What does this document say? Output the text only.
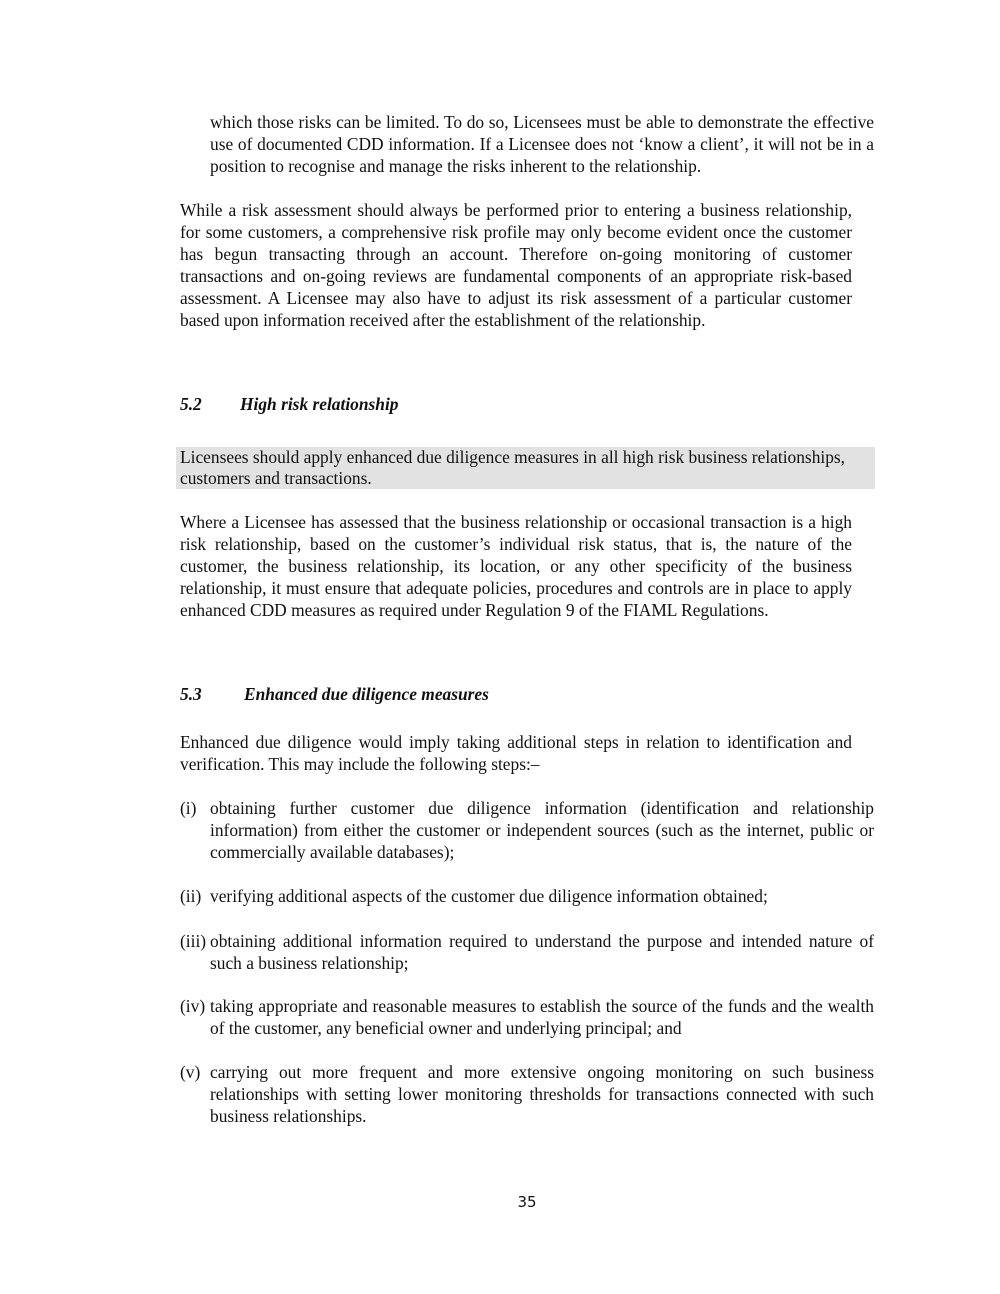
which those risks can be limited. To do so, Licensees must be able to demonstrate the effective use of documented CDD information. If a Licensee does not ‘know a client’, it will not be in a position to recognise and manage the risks inherent to the relationship.

While a risk assessment should always be performed prior to entering a business relationship, for some customers, a comprehensive risk profile may only become evident once the customer has begun transacting through an account. Therefore on-going monitoring of customer transactions and on-going reviews are fundamental components of an appropriate risk-based assessment. A Licensee may also have to adjust its risk assessment of a particular customer based upon information received after the establishment of the relationship.

5.2 High risk relationship

Licensees should apply enhanced due diligence measures in all high risk business relationships, customers and transactions.

Where a Licensee has assessed that the business relationship or occasional transaction is a high risk relationship, based on the customer’s individual risk status, that is, the nature of the customer, the business relationship, its location, or any other specificity of the business relationship, it must ensure that adequate policies, procedures and controls are in place to apply enhanced CDD measures as required under Regulation 9 of the FIAML Regulations.

5.3 Enhanced due diligence measures

Enhanced due diligence would imply taking additional steps in relation to identification and verification. This may include the following steps:–

(i) obtaining further customer due diligence information (identification and relationship information) from either the customer or independent sources (such as the internet, public or commercially available databases);
(ii) verifying additional aspects of the customer due diligence information obtained;
(iii) obtaining additional information required to understand the purpose and intended nature of such a business relationship;
(iv) taking appropriate and reasonable measures to establish the source of the funds and the wealth of the customer, any beneficial owner and underlying principal; and
(v) carrying out more frequent and more extensive ongoing monitoring on such business relationships with setting lower monitoring thresholds for transactions connected with such business relationships.
35
